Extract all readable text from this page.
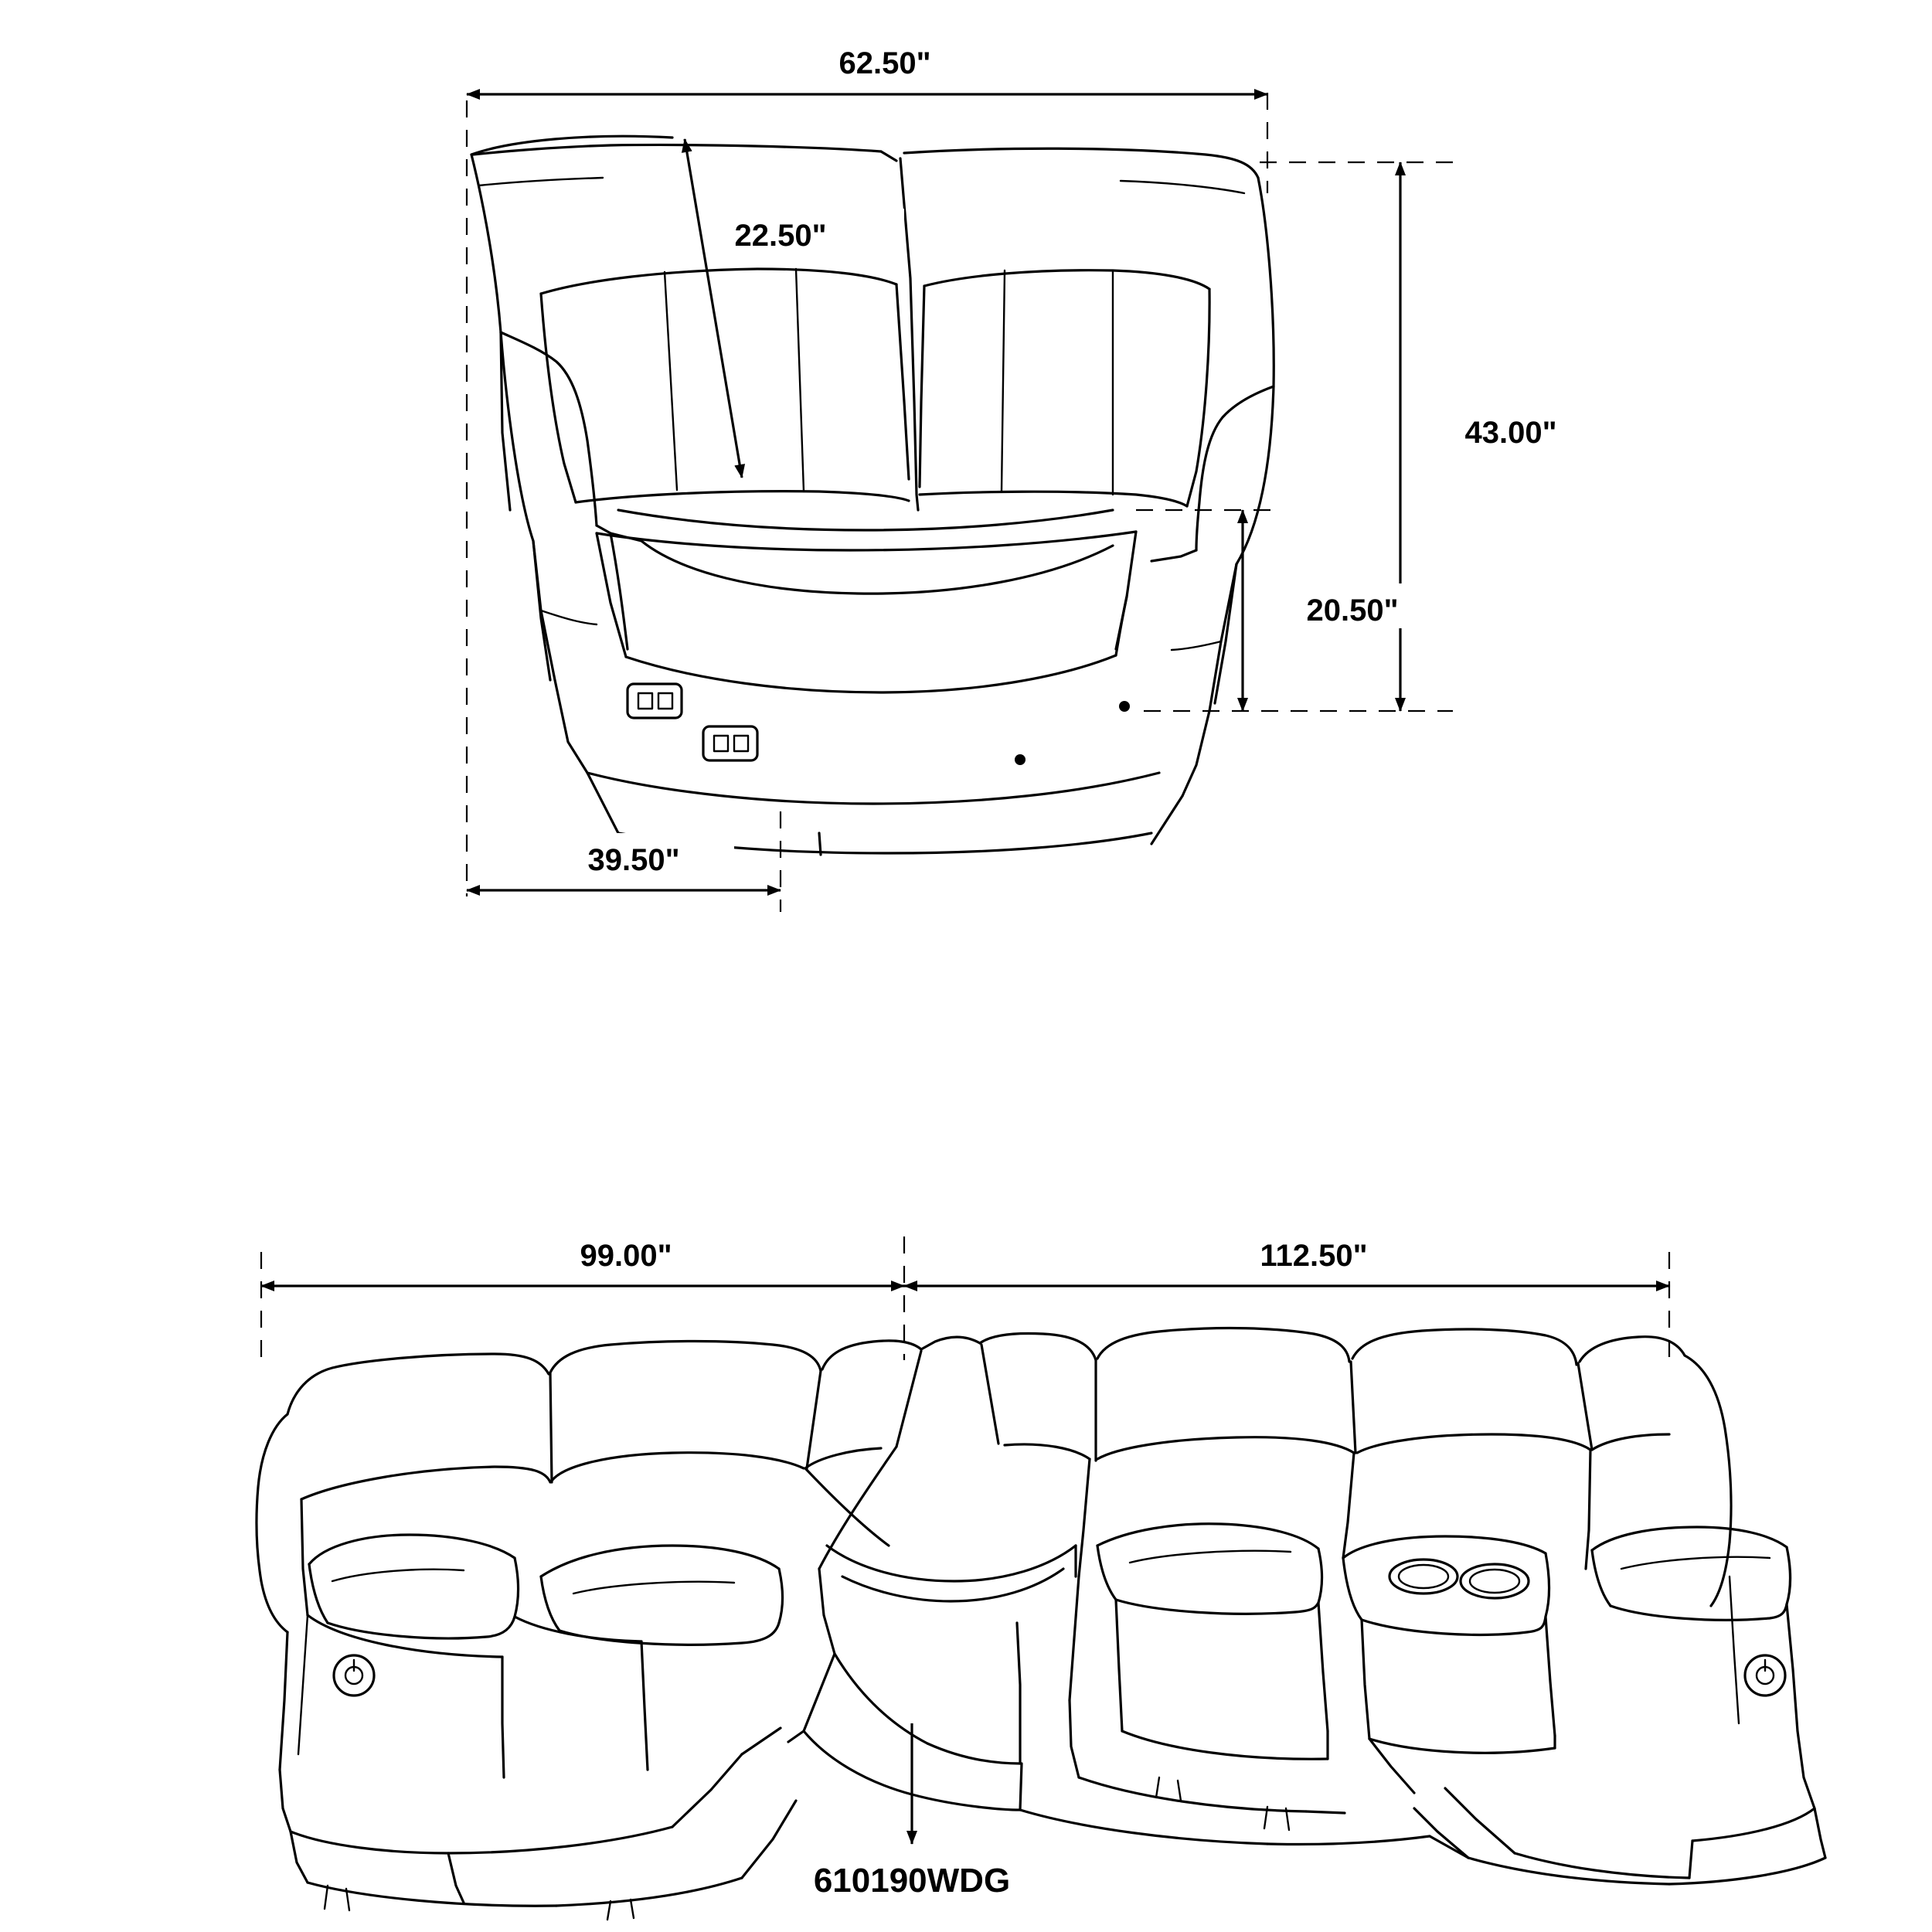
62.50"
22.50"
43.00"
20.50"
39.50"
99.00"	112.50"
610190WDG
